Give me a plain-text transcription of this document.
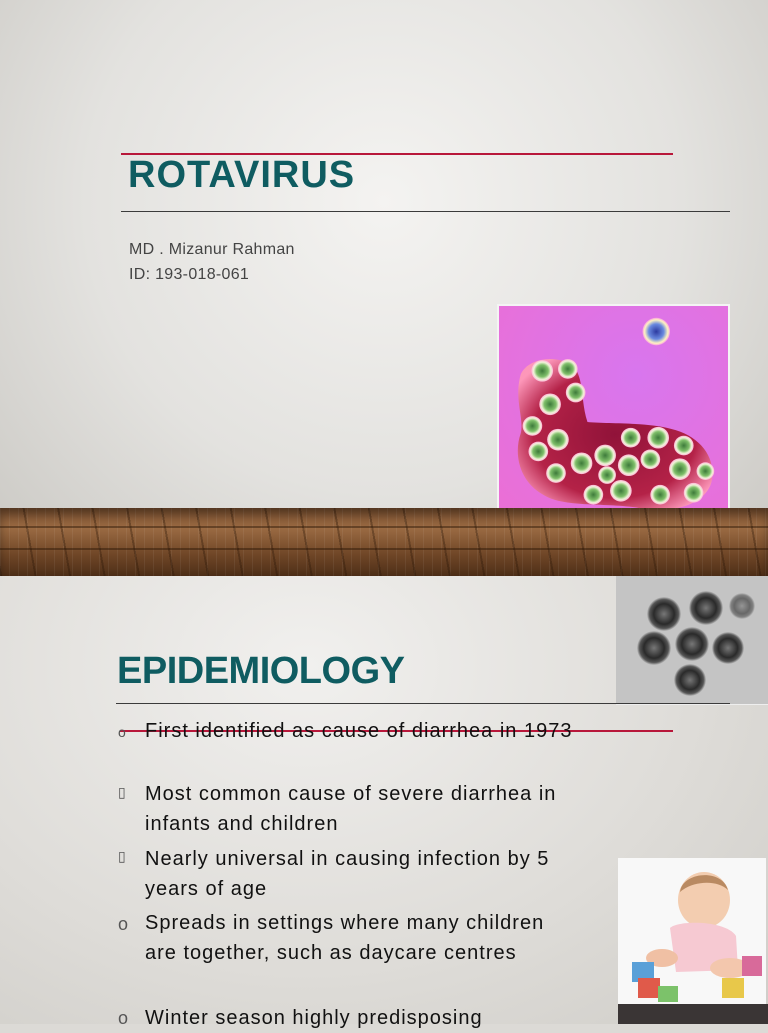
ROTAVIRUS
MD . Mizanur Rahman
ID: 193-018-061
EPIDEMIOLOGY
o First identified as cause of diarrhea in 1973
▯ Most common cause of severe diarrhea in infants and children
▯ Nearly universal in causing infection by 5 years of age
o Spreads in settings where many children are together, such as daycare centres
o Winter season highly predisposing
